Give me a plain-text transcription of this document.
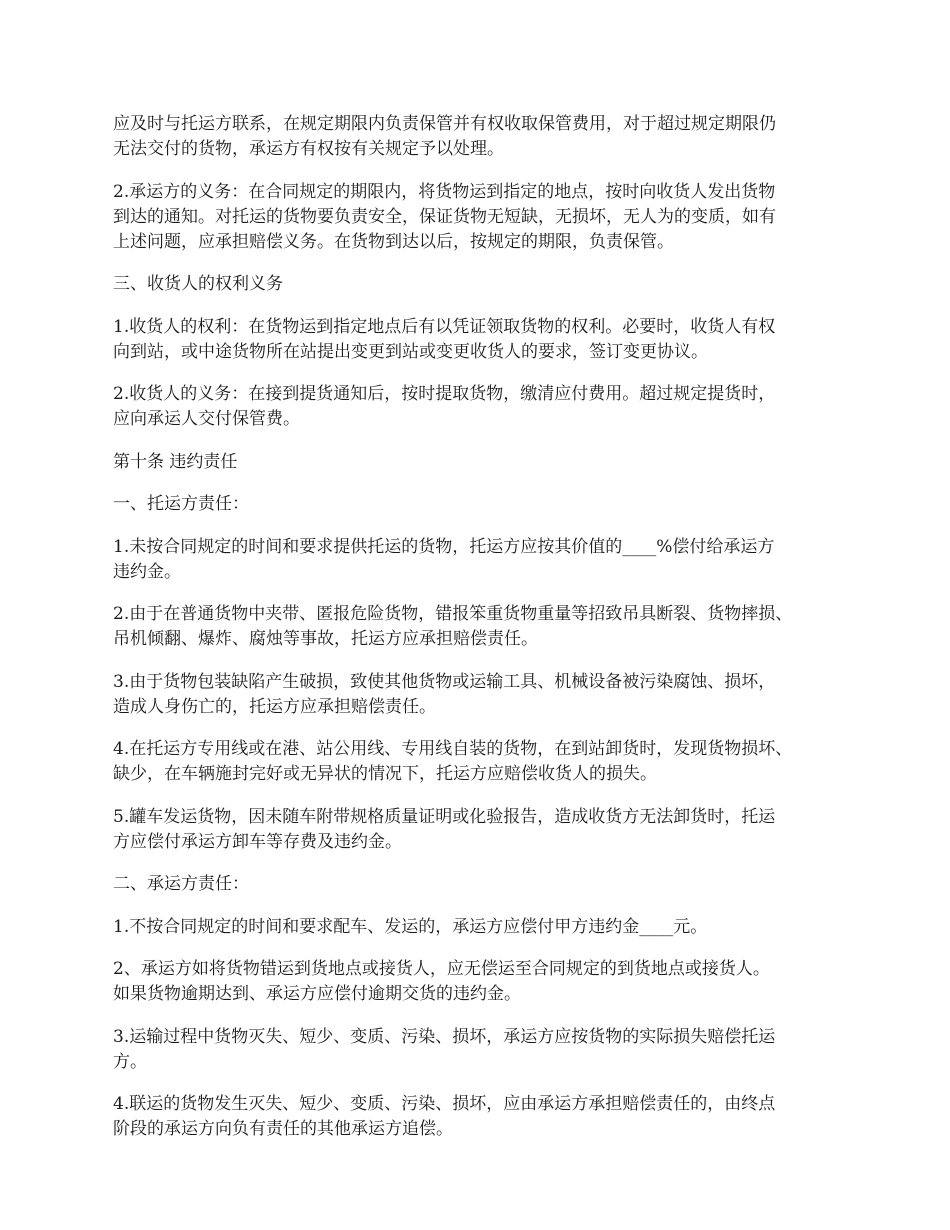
应及时与托运方联系，在规定期限内负责保管并有权收取保管费用，对于超过规定期限仍
无法交付的货物，承运方有权按有关规定予以处理。

2.承运方的义务：在合同规定的期限内，将货物运到指定的地点，按时向收货人发出货物
到达的通知。对托运的货物要负责安全，保证货物无短缺，无损坏，无人为的变质，如有
上述问题，应承担赔偿义务。在货物到达以后，按规定的期限，负责保管。

三、收货人的权利义务

1.收货人的权利：在货物运到指定地点后有以凭证领取货物的权利。必要时，收货人有权
向到站，或中途货物所在站提出变更到站或变更收货人的要求，签订变更协议。

2.收货人的义务：在接到提货通知后，按时提取货物，缴清应付费用。超过规定提货时，
应向承运人交付保管费。

第十条 违约责任

一、托运方责任：

1.未按合同规定的时间和要求提供托运的货物，托运方应按其价值的____%偿付给承运方
违约金。

2.由于在普通货物中夹带、匿报危险货物，错报笨重货物重量等招致吊具断裂、货物摔损、
吊机倾翻、爆炸、腐烛等事故，托运方应承担赔偿责任。

3.由于货物包装缺陷产生破损，致使其他货物或运输工具、机械设备被污染腐蚀、损坏，
造成人身伤亡的，托运方应承担赔偿责任。

4.在托运方专用线或在港、站公用线、专用线自装的货物，在到站卸货时，发现货物损坏、
缺少，在车辆施封完好或无异状的情况下，托运方应赔偿收货人的损失。

5.罐车发运货物，因未随车附带规格质量证明或化验报告，造成收货方无法卸货时，托运
方应偿付承运方卸车等存费及违约金。

二、承运方责任：

1.不按合同规定的时间和要求配车、发运的，承运方应偿付甲方违约金____元。

2、承运方如将货物错运到货地点或接货人，应无偿运至合同规定的到货地点或接货人。
如果货物逾期达到、承运方应偿付逾期交货的违约金。

3.运输过程中货物灭失、短少、变质、污染、损坏，承运方应按货物的实际损失赔偿托运
方。

4.联运的货物发生灭失、短少、变质、污染、损坏，应由承运方承担赔偿责任的，由终点
阶段的承运方向负有责任的其他承运方追偿。
